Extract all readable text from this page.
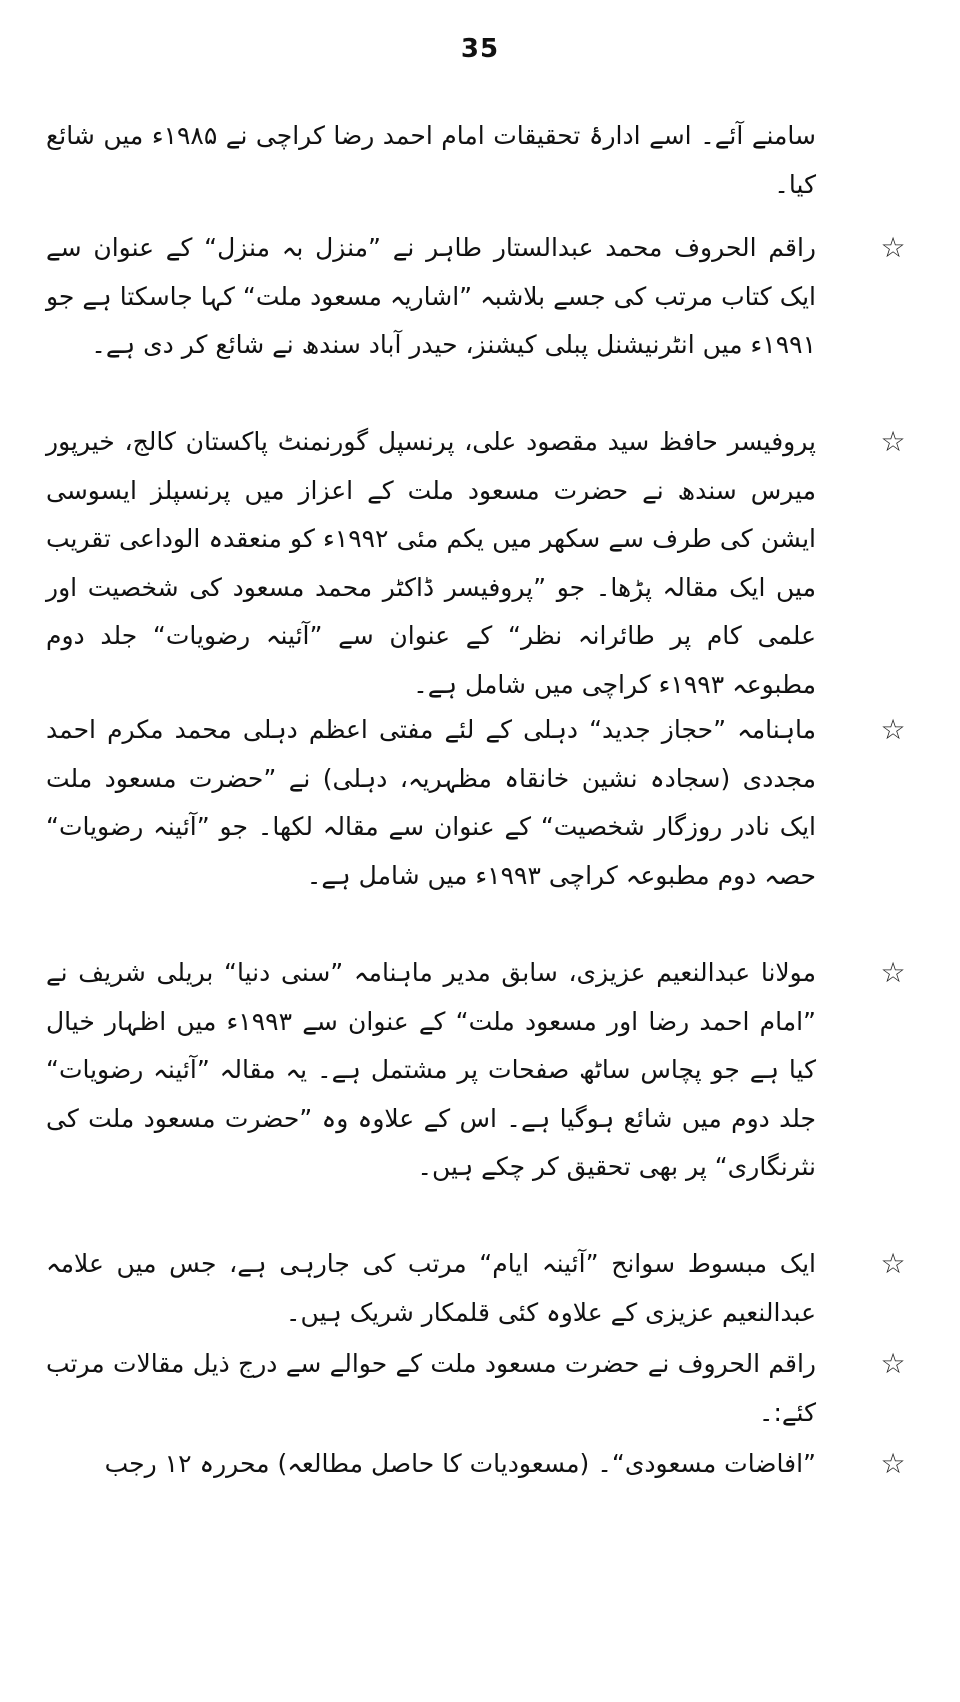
35

سامنے آئے۔ اسے ادارۂ تحقیقات امام احمد رضا کراچی نے ۱۹۸۵ء میں شائع کیا۔

☆

راقم الحروف محمد عبدالستار طاہر نے ”منزل بہ منزل“ کے عنوان سے ایک کتاب مرتب کی جسے بلاشبہ ”اشاریہ مسعود ملت“ کہا جاسکتا ہے جو ۱۹۹۱ء میں انٹرنیشنل پبلی کیشنز، حیدر آباد سندھ نے شائع کر دی ہے۔

☆

پروفیسر حافظ سید مقصود علی، پرنسپل گورنمنٹ پاکستان کالج، خیرپور میرس سندھ نے حضرت مسعود ملت کے اعزاز میں پرنسپلز ایسوسی ایشن کی طرف سے سکھر میں یکم مئی ۱۹۹۲ء کو منعقدہ الوداعی تقریب میں ایک مقالہ پڑھا۔ جو ”پروفیسر ڈاکٹر محمد مسعود کی شخصیت اور علمی کام پر طائرانہ نظر“ کے عنوان سے ”آئینہ رضویات“ جلد دوم مطبوعہ ۱۹۹۳ء کراچی میں شامل ہے۔

☆

ماہنامہ ”حجاز جدید“ دہلی کے لئے مفتی اعظم دہلی محمد مکرم احمد مجددی (سجادہ نشین خانقاہ مظہریہ، دہلی) نے ”حضرت مسعود ملت ایک نادر روزگار شخصیت“ کے عنوان سے مقالہ لکھا۔ جو ”آئینہ رضویات“ حصہ دوم مطبوعہ کراچی ۱۹۹۳ء میں شامل ہے۔

☆

مولانا عبدالنعیم عزیزی، سابق مدیر ماہنامہ ”سنی دنیا“ بریلی شریف نے ”امام احمد رضا اور مسعود ملت“ کے عنوان سے ۱۹۹۳ء میں اظہار خیال کیا ہے جو پچاس ساٹھ صفحات پر مشتمل ہے۔ یہ مقالہ ”آئینہ رضویات“ جلد دوم میں شائع ہوگیا ہے۔ اس کے علاوہ وہ ”حضرت مسعود ملت کی نثرنگاری“ پر بھی تحقیق کر چکے ہیں۔

☆

ایک مبسوط سوانح ”آئینہ ایام“ مرتب کی جارہی ہے، جس میں علامہ عبدالنعیم عزیزی کے علاوہ کئی قلمکار شریک ہیں۔

☆

راقم الحروف نے حضرت مسعود ملت کے حوالے سے درج ذیل مقالات مرتب کئے:۔

☆

”افاضات مسعودی“۔ (مسعودیات کا حاصل مطالعہ) محررہ ۱۲ رجب
